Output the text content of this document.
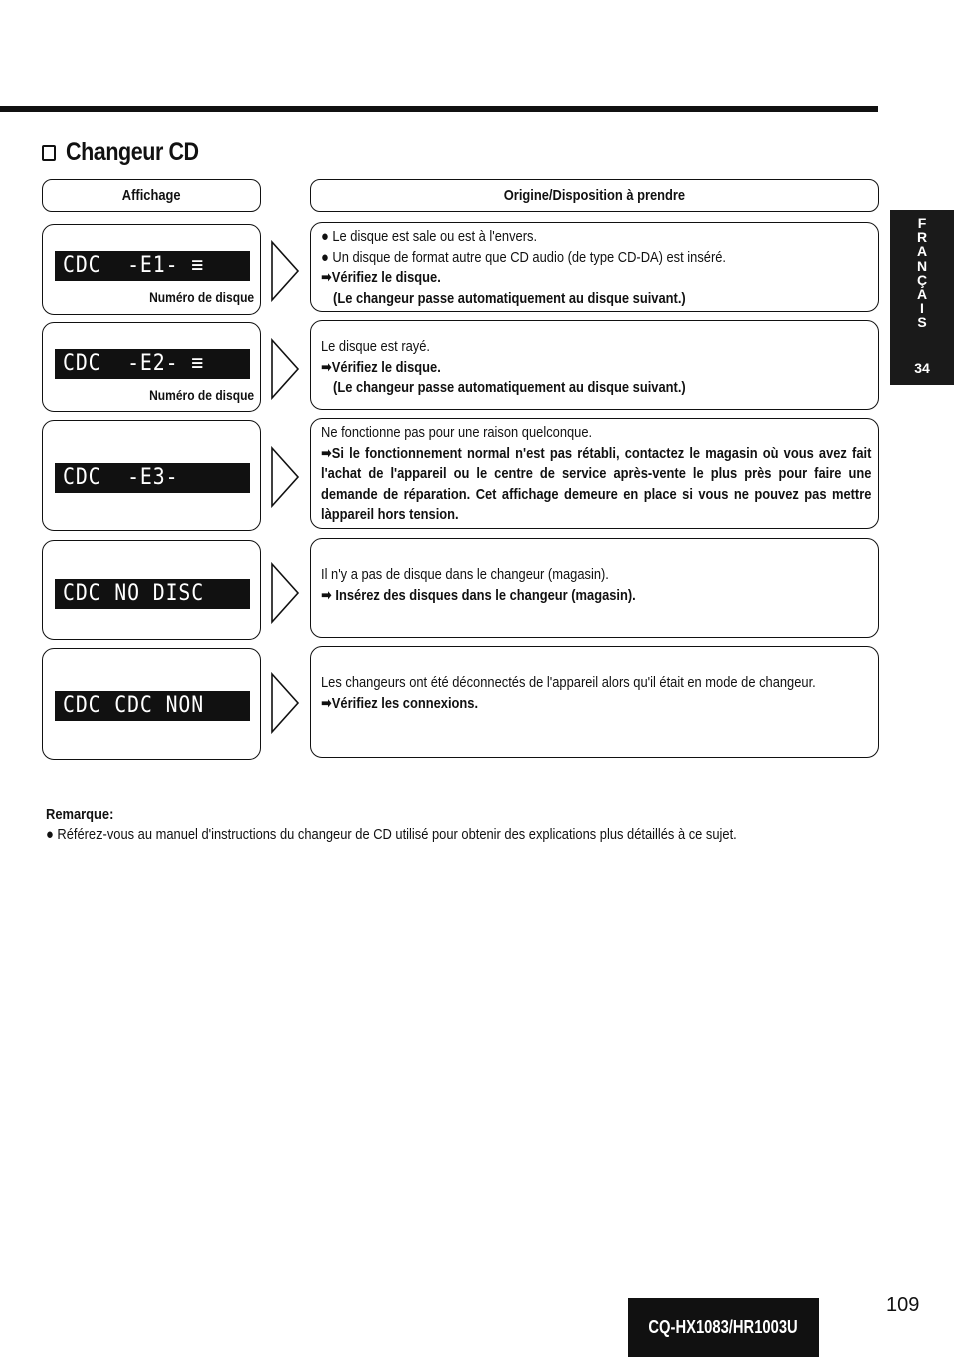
Changeur CD
Affichage	Origine/Disposition à prendre
CDC  -E1- ≡
Numéro de disque
● Le disque est sale ou est à l'envers.
● Un disque de format autre que CD audio (de type CD-DA) est inséré.
➡Vérifiez le disque.
(Le changeur passe automatiquement au disque suivant.)
CDC  -E2- ≡
Numéro de disque
Le disque est rayé.
➡Vérifiez le disque.
(Le changeur passe automatiquement au disque suivant.)
CDC  -E3-
Ne fonctionne pas pour une raison quelconque.
➡Si le fonctionnement normal n'est pas rétabli, contactez le magasin où vous avez fait l'achat de l'appareil ou le centre de service après-vente le plus près pour faire une demande de réparation. Cet affichage demeure en place si vous ne pouvez pas mettre làppareil hors tension.
CDC NO DISC
Il n'y a pas de disque dans le changeur (magasin).
➡ Insérez des disques dans le changeur (magasin).
CDC CDC NON
Les changeurs ont été déconnectés de l'appareil alors qu'il était en mode de changeur.
➡Vérifiez les connexions.
Remarque:
● Référez-vous au manuel d'instructions du changeur de CD utilisé pour obtenir des explications plus détaillés à ce sujet.
F
R
A
N
Ç
A
I
S
34
CQ-HX1083/HR1003U
109
